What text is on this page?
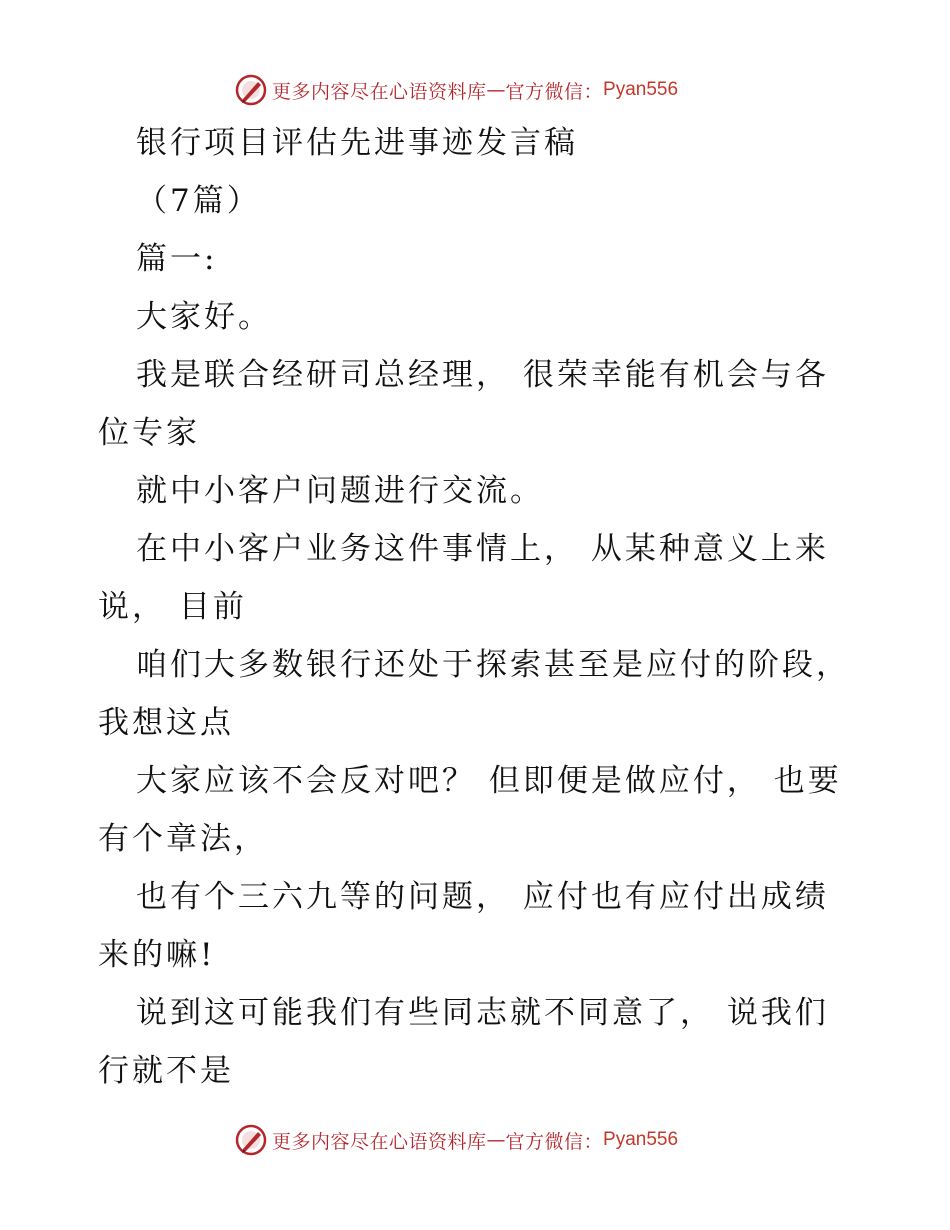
更多内容尽在心语资料库 — 官方微信： Pyan556

银行项目评估先进事迹发言稿

（7篇）

篇一:

大家好。

我是联合经研司总经理， 很荣幸能有机会与各位专家

就中小客户问题进行交流。

在中小客户业务这件事情上， 从某种意义上来说， 目前

咱们大多数银行还处于探索甚至是应付的阶段，我想这点

大家应该不会反对吧？ 但即便是做应付， 也要有个章法，

也有个三六九等的问题， 应付也有应付出成绩来的嘛!

说到这可能我们有些同志就不同意了， 说我们行就不是

更多内容尽在心语资料库 — 官方微信： Pyan556
